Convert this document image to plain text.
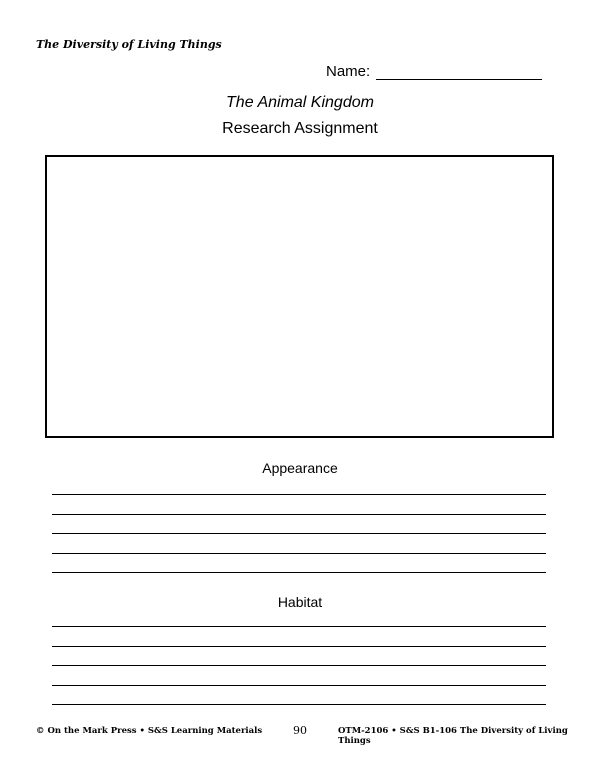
The Diversity of Living Things
Name:
The Animal Kingdom
Research Assignment
Appearance
Habitat
© On the Mark Press • S&S Learning Materials	90	OTM-2106 • S&S B1-106 The Diversity of Living Things
